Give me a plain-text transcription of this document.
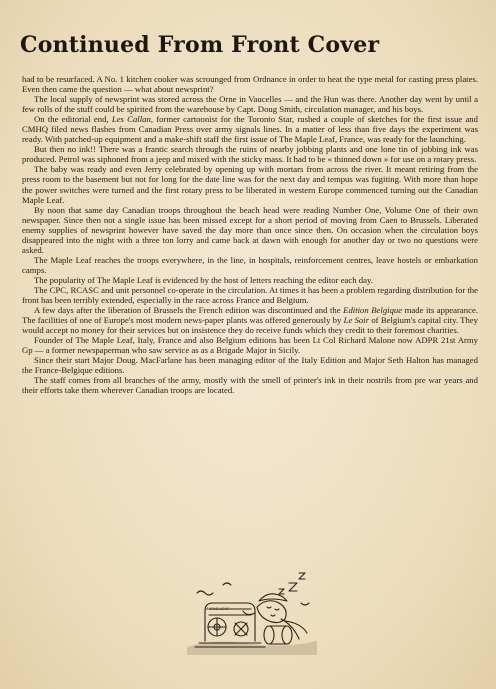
Continued From Front Cover

had to be resurfaced. A No. 1 kitchen cooker was scrounged from Ordnance in order to heat the type metal for casting press plates. Even then came the question — what about newsprint?

The local supply of newsprint was stored across the Orne in Vaucelles — and the Hun was there. Another day went by until a few rolls of the stuff could be spirited from the warehouse by Capt. Doug Smith, circulation manager, and his boys.

On the editorial end, Les Callan, former cartoonist for the Toronto Star, rushed a couple of sketches for the first issue and CMHQ filed news flashes from Canadian Press over army signals lines. In a matter of less than five days the experiment was ready. With patched-up equipment and a make-shift staff the first issue of The Maple Leaf, France, was ready for the launching.

But then no ink!! There was a frantic search through the ruins of nearby jobbing plants and one lone tin of jobbing ink was produced. Petrol was siphoned from a jeep and mixed with the sticky mass. It had to be « thinned down » for use on a rotary press.

The baby was ready and even Jerry celebrated by opening up with mortars from across the river. It meant retiring from the press room to the basement but not for long for the date line was for the next day and tempus was fugiting. With more than hope the power switches were turned and the first rotary press to be liberated in western Europe commenced turning out the Canadian Maple Leaf.

By noon that same day Canadian troops throughout the beach head were reading Number One, Volume One of their own newspaper. Since then not a single issue has been missed except for a short period of moving from Caen to Brussels. Liberated enemy supplies of newsprint however have saved the day more than once since then. On occasion when the circulation boys disappeared into the night with a three ton lorry and came back at dawn with enough for another day or two no questions were asked.

The Maple Leaf reaches the troops everywhere, in the line, in hospitals, reinforcement centres, leave hostels or embarkation camps.

The popularity of The Maple Leaf is evidenced by the host of letters reaching the editor each day.

The CPC, RCASC and unit personnel co-operate in the circulation. At times it has been a problem regarding distribution for the front has been terribly extended, especially in the race across France and Belgium.

A few days after the liberation of Brussels the French edition was discontinued and the Edition Belgique made its appearance. The facilities of one of Europe's most modern news-paper plants was offered generously by Le Soir of Belgium's capital city. They would accept no money for their services but on insistence they do receive funds which they credit to their foremost charities.

Founder of The Maple Leaf, Italy, France and also Belgium editions has been Lt Col Richard Malone now ADPR 21st Army Gp — a former newspaperman who saw service as as a Brigade Major in Sicily.

Since their start Major Doug. MacFarlane has been managing editor of the Italy Edition and Major Seth Halton has managed the France-Belgique editions.

The staff comes from all branches of the army, mostly with the smell of printer's ink in their nostrils from pre war years and their efforts take them wherever Canadian troops are located.

MAPLE LEAF
